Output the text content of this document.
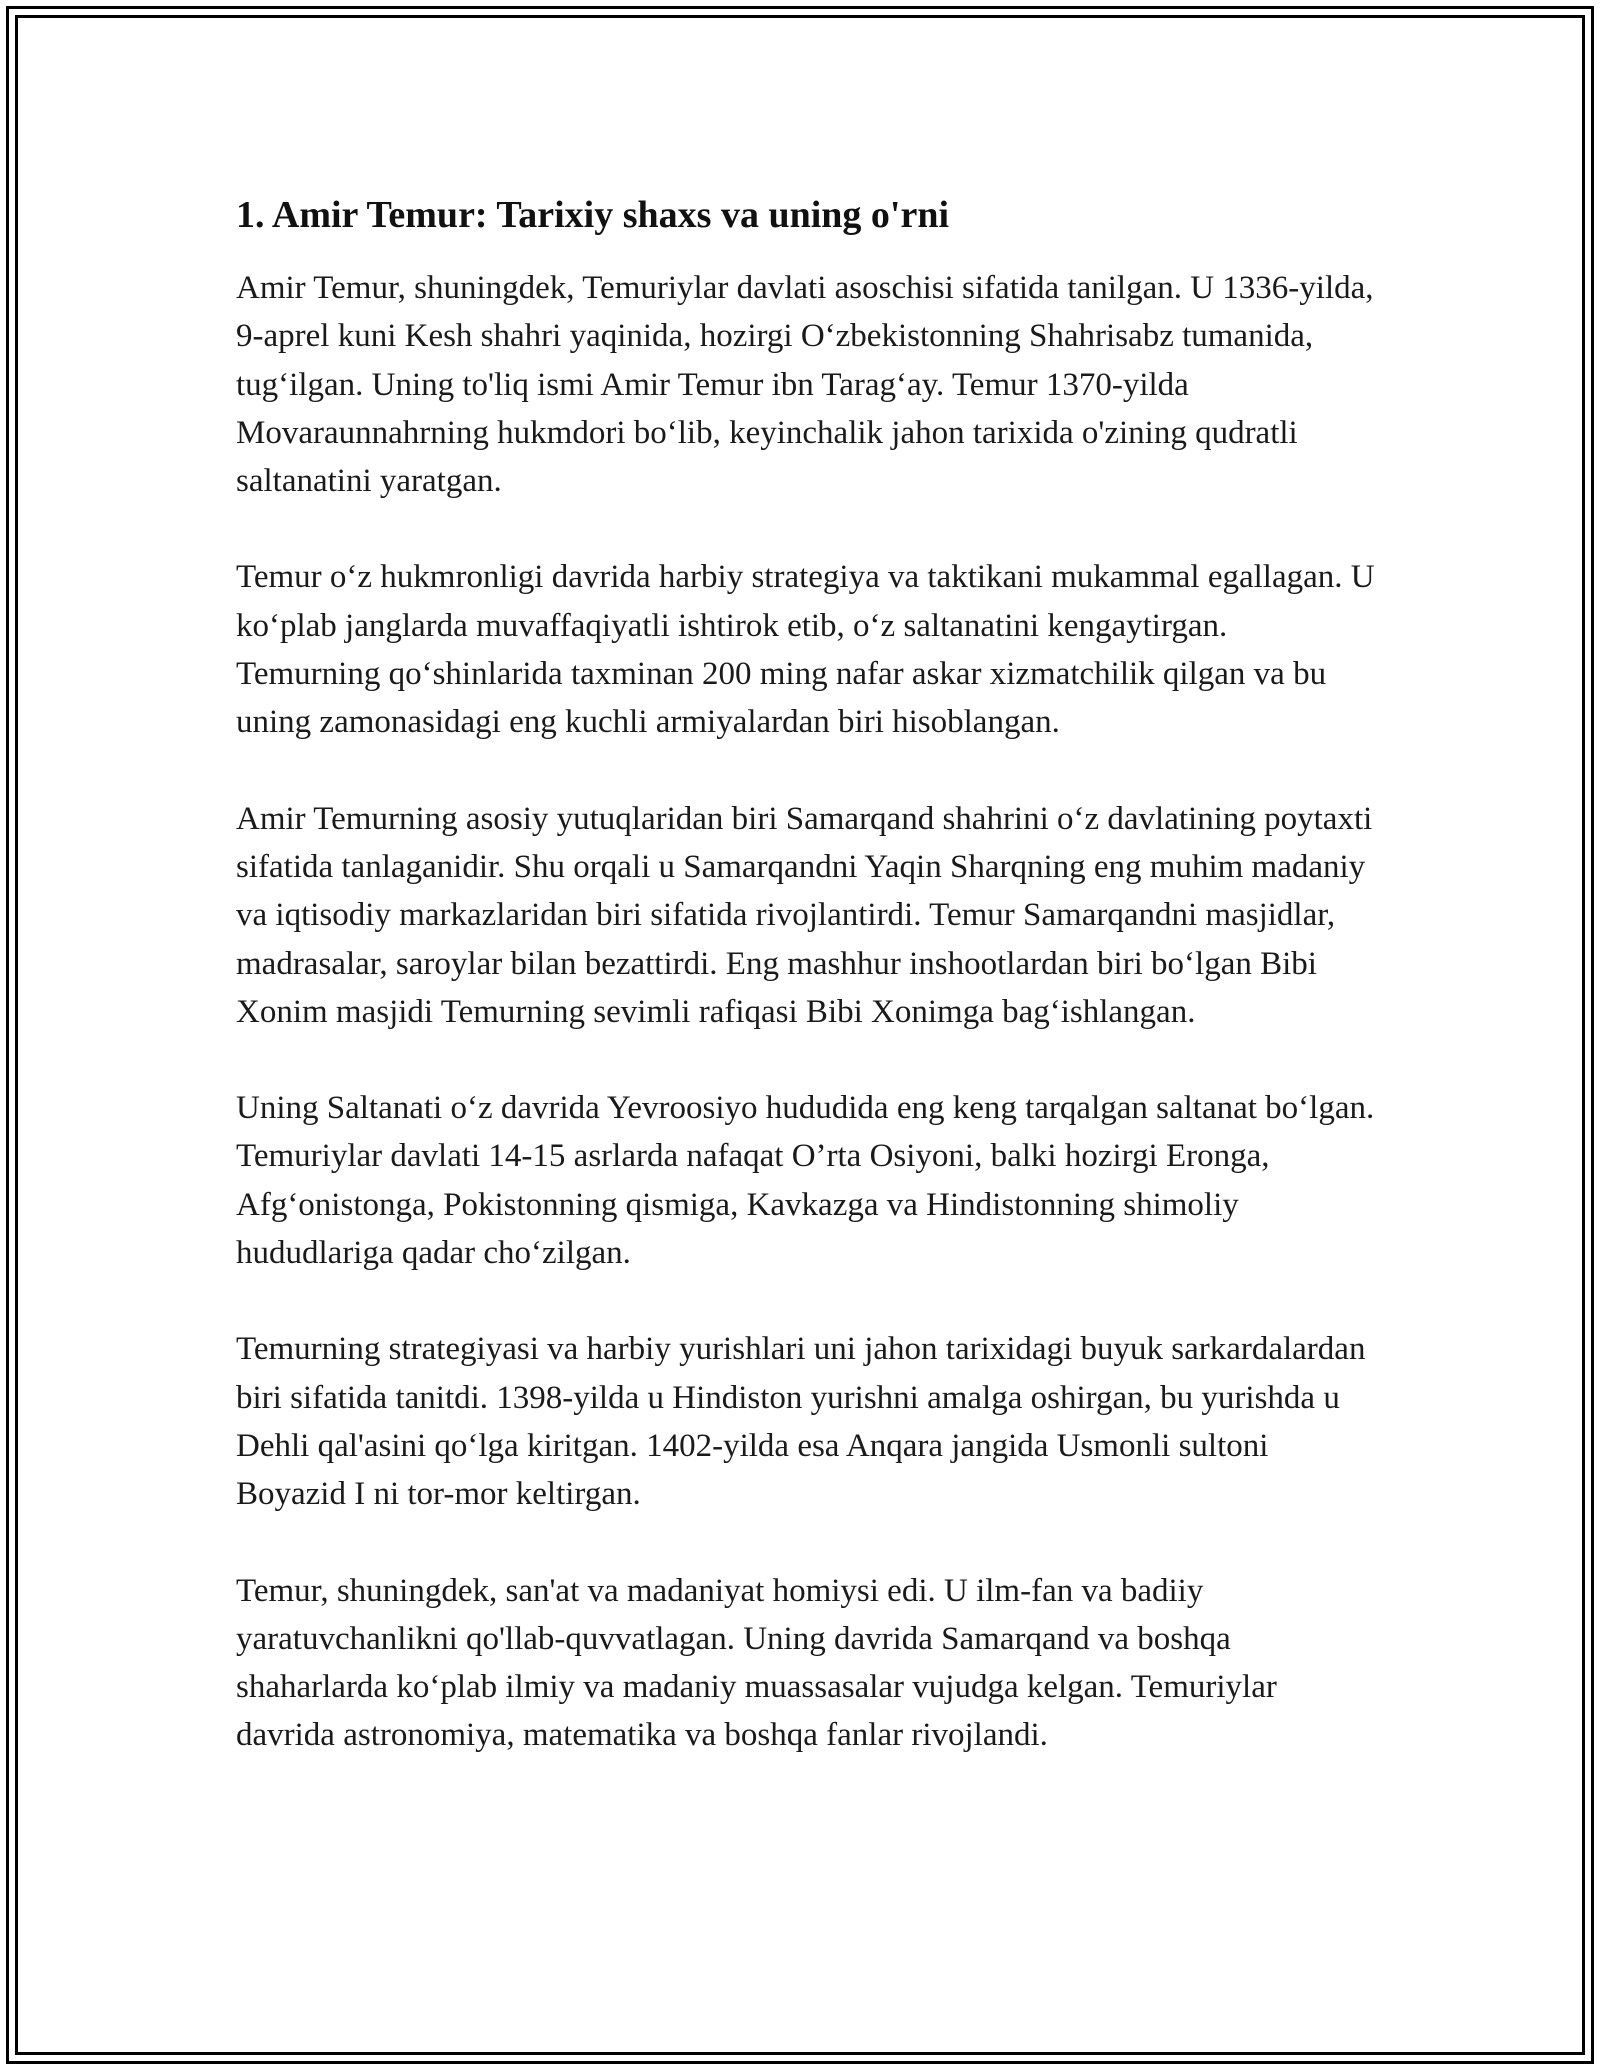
1. Amir Temur: Tarixiy shaxs va uning o'rni

Amir Temur, shuningdek, Temuriylar davlati asoschisi sifatida tanilgan. U 1336-yilda, 9-aprel kuni Kesh shahri yaqinida, hozirgi O‘zbekistonning Shahrisabz tumanida, tug‘ilgan. Uning to'liq ismi Amir Temur ibn Tarag‘ay. Temur 1370-yilda Movaraunnahrning hukmdori bo‘lib, keyinchalik jahon tarixida o'zining qudratli saltanatini yaratgan.

Temur o‘z hukmronligi davrida harbiy strategiya va taktikani mukammal egallagan. U ko‘plab janglarda muvaffaqiyatli ishtirok etib, o‘z saltanatini kengaytirgan. Temurning qo‘shinlarida taxminan 200 ming nafar askar xizmatchilik qilgan va bu uning zamonasidagi eng kuchli armiyalardan biri hisoblangan.

Amir Temurning asosiy yutuqlaridan biri Samarqand shahrini o‘z davlatining poytaxti sifatida tanlaganidir. Shu orqali u Samarqandni Yaqin Sharqning eng muhim madaniy va iqtisodiy markazlaridan biri sifatida rivojlantirdi. Temur Samarqandni masjidlar, madrasalar, saroylar bilan bezattirdi. Eng mashhur inshootlardan biri bo‘lgan Bibi Xonim masjidi Temurning sevimli rafiqasi Bibi Xonimga bag‘ishlangan.

Uning Saltanati o‘z davrida Yevroosiyo hududida eng keng tarqalgan saltanat bo‘lgan. Temuriylar davlati 14-15 asrlarda nafaqat O’rta Osiyoni, balki hozirgi Eronga, Afg‘onistonga, Pokistonning qismiga, Kavkazga va Hindistonning shimoliy hududlariga qadar cho‘zilgan.

Temurning strategiyasi va harbiy yurishlari uni jahon tarixidagi buyuk sarkardalardan biri sifatida tanitdi. 1398-yilda u Hindiston yurishni amalga oshirgan, bu yurishda u Dehli qal'asini qo‘lga kiritgan. 1402-yilda esa Anqara jangida Usmonli sultoni Boyazid I ni tor-mor keltirgan.

Temur, shuningdek, san'at va madaniyat homiysi edi. U ilm-fan va badiiy yaratuvchanlikni qo'llab-quvvatlagan. Uning davrida Samarqand va boshqa shaharlarda ko‘plab ilmiy va madaniy muassasalar vujudga kelgan. Temuriylar davrida astronomiya, matematika va boshqa fanlar rivojlandi.
